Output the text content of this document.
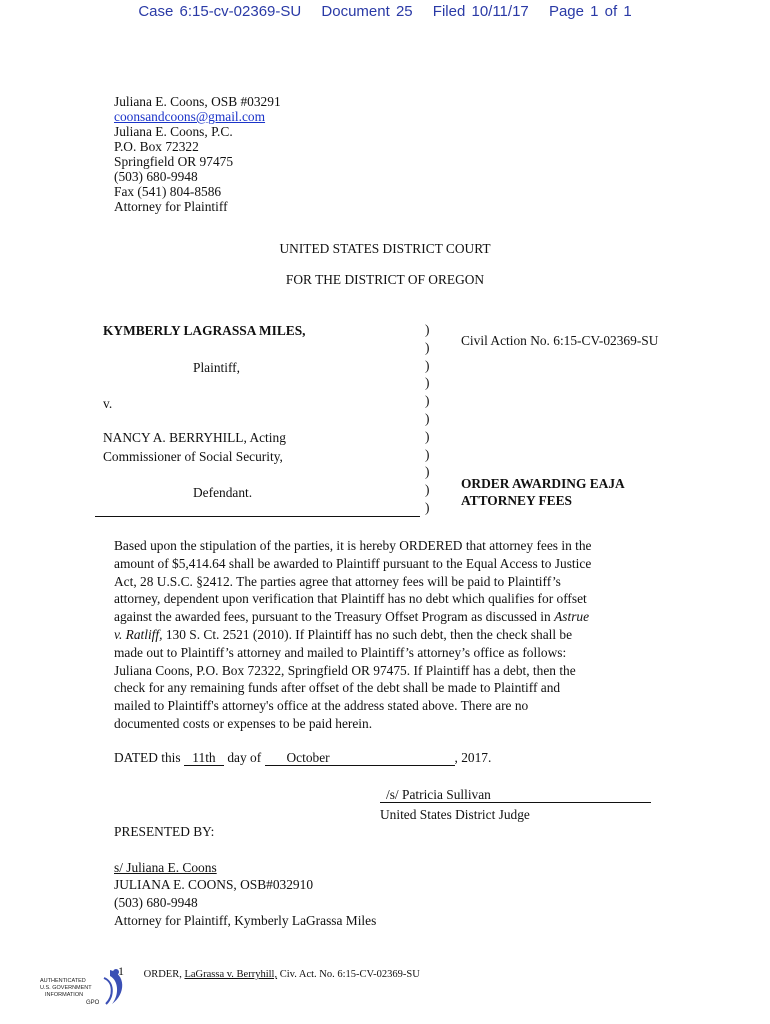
Case 6:15-cv-02369-SU Document 25 Filed 10/11/17 Page 1 of 1
Juliana E. Coons, OSB #03291
coonsandcoons@gmail.com
Juliana E. Coons, P.C.
P.O. Box 72322
Springfield OR 97475
(503) 680-9948
Fax (541) 804-8586
Attorney for Plaintiff
UNITED STATES DISTRICT COURT
FOR THE DISTRICT OF OREGON
KYMBERLY LAGRASSA MILES,
Plaintiff,
v.
NANCY A. BERRYHILL, Acting
Commissioner of Social Security,
Defendant.
)
)
)
)
)
)
)
)
)
)
)
Civil Action No. 6:15-CV-02369-SU
ORDER AWARDING EAJA
ATTORNEY FEES
Based upon the stipulation of the parties, it is hereby ORDERED that attorney fees in the
amount of $5,414.64 shall be awarded to Plaintiff pursuant to the Equal Access to Justice
Act, 28 U.S.C. §2412. The parties agree that attorney fees will be paid to Plaintiff’s
attorney, dependent upon verification that Plaintiff has no debt which qualifies for offset
against the awarded fees, pursuant to the Treasury Offset Program as discussed in Astrue
v. Ratliff, 130 S. Ct. 2521 (2010). If Plaintiff has no such debt, then the check shall be
made out to Plaintiff’s attorney and mailed to Plaintiff’s attorney’s office as follows:
Juliana Coons, P.O. Box 72322, Springfield OR 97475. If Plaintiff has a debt, then the
check for any remaining funds after offset of the debt shall be made to Plaintiff and
mailed to Plaintiff's attorney's office at the address stated above. There are no
documented costs or expenses to be paid herein.
DATED this 11th day of October	, 2017.
/s/ Patricia Sullivan
United States District Judge
PRESENTED BY:
s/ Juliana E. Coons
JULIANA E. COONS, OSB#032910
(503) 680-9948
Attorney for Plaintiff, Kymberly LaGrassa Miles
AUTHENTICATED
U.S. GOVERNMENT
INFORMATION
GPO
1 ORDER, LaGrassa v. Berryhill, Civ. Act. No. 6:15-CV-02369-SU
